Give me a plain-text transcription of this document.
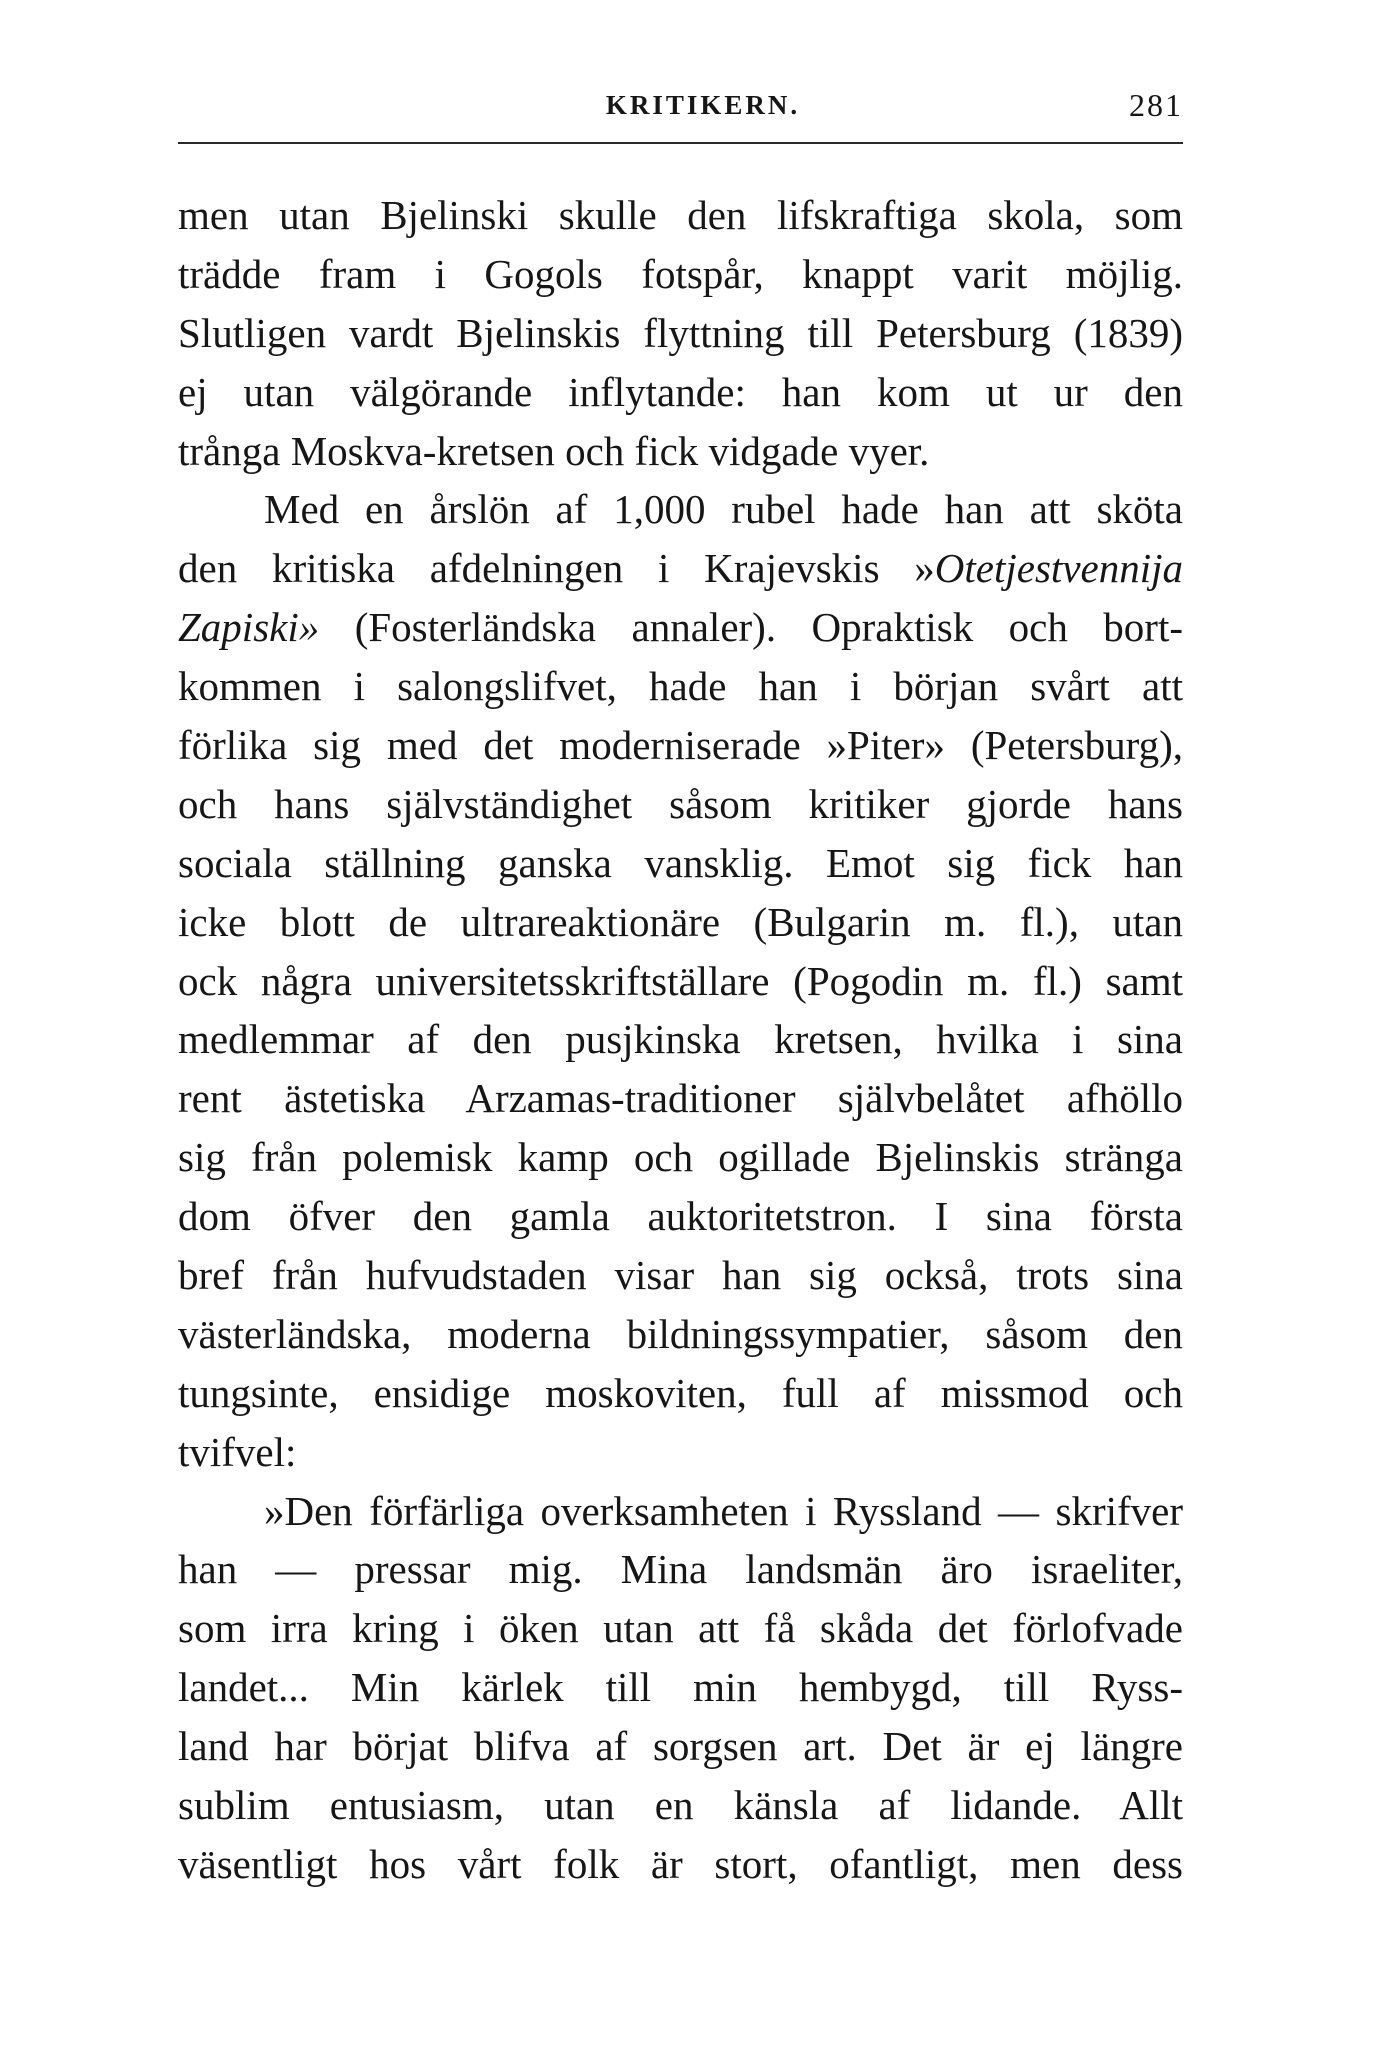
KRITIKERN.	281
men utan Bjelinski skulle den lifskraftiga skola, som
trädde fram i Gogols fotspår, knappt varit möjlig.
Slutligen vardt Bjelinskis flyttning till Petersburg (1839)
ej utan välgörande inflytande: han kom ut ur den
trånga Moskva-kretsen och fick vidgade vyer.
Med en årslön af 1,000 rubel hade han att sköta
den kritiska afdelningen i Krajevskis »Otetjestvennija
Zapiski» (Fosterländska annaler). Opraktisk och bort-
kommen i salongslifvet, hade han i början svårt att
förlika sig med det moderniserade »Piter» (Petersburg),
och hans självständighet såsom kritiker gjorde hans
sociala ställning ganska vansklig. Emot sig fick han
icke blott de ultrareaktionäre (Bulgarin m. fl.), utan
ock några universitetsskriftställare (Pogodin m. fl.) samt
medlemmar af den pusjkinska kretsen, hvilka i sina
rent ästetiska Arzamas-traditioner självbelåtet afhöllo
sig från polemisk kamp och ogillade Bjelinskis stränga
dom öfver den gamla auktoritetstron. I sina första
bref från hufvudstaden visar han sig också, trots sina
västerländska, moderna bildningssympatier, såsom den
tungsinte, ensidige moskoviten, full af missmod och
tvifvel:
»Den förfärliga overksamheten i Ryssland — skrifver
han — pressar mig. Mina landsmän äro israeliter,
som irra kring i öken utan att få skåda det förlofvade
landet... Min kärlek till min hembygd, till Ryss-
land har börjat blifva af sorgsen art. Det är ej längre
sublim entusiasm, utan en känsla af lidande. Allt
väsentligt hos vårt folk är stort, ofantligt, men dess
